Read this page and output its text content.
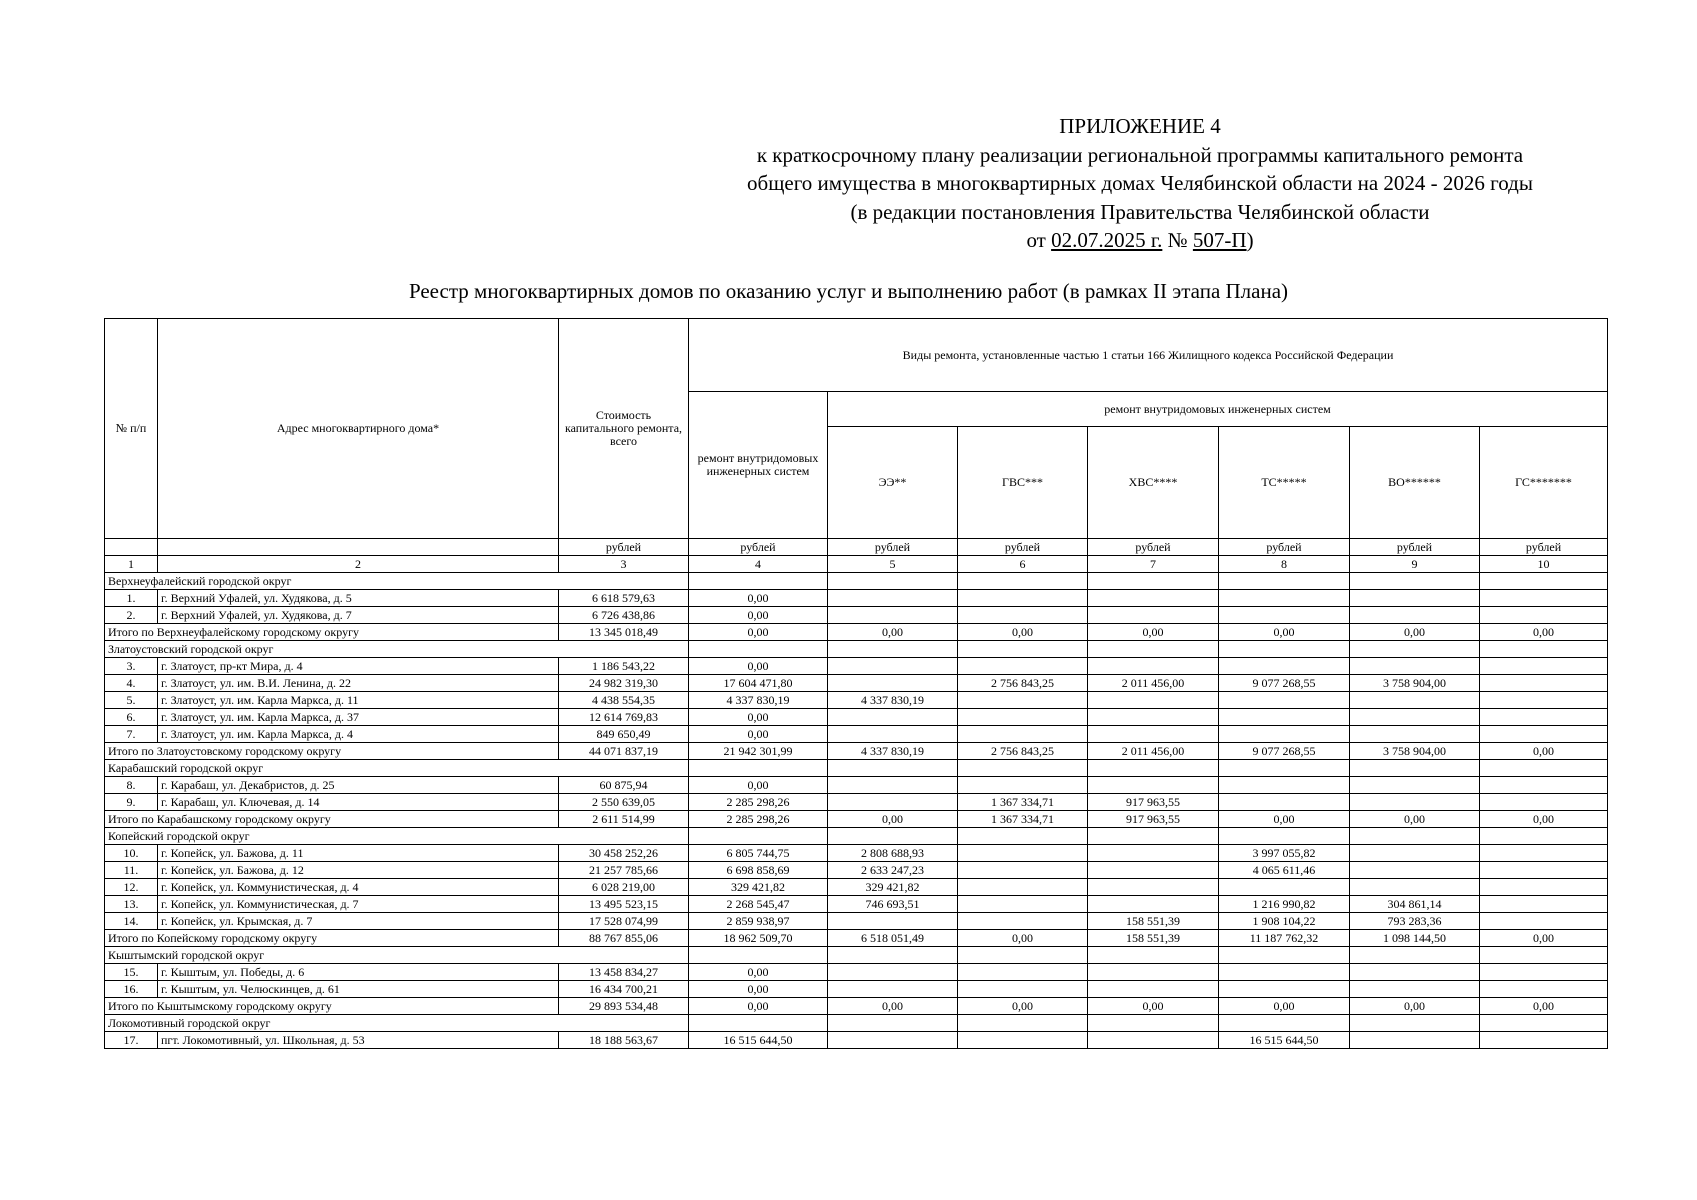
ПРИЛОЖЕНИЕ 4
к краткосрочному плану реализации региональной программы капитального ремонта
общего имущества в многоквартирных домах Челябинской области на 2024 - 2026 годы
(в редакции постановления Правительства Челябинской области
от 02.07.2025 г. № 507-П)
Реестр многоквартирных домов по оказанию услуг и выполнению работ (в рамках II этапа Плана)
№ п/п	Адрес многоквартирного дома*	Стоимость капитального ремонта, всего	Виды ремонта, установленные частью 1 статьи 166 Жилищного кодекса Российской Федерации						
			ремонт внутридомовых инженерных систем	ремонт внутридомовых инженерных систем					
				ЭЭ**	ГВС***	ХВС****	ТС*****	ВО******	ГС*******
		рублей	рублей	рублей	рублей	рублей	рублей	рублей	рублей
1	2	3	4	5	6	7	8	9	10
Верхнеуфалейский городской округ									
1.	г. Верхний Уфалей, ул. Худякова, д. 5	6 618 579,63	0,00						
2.	г. Верхний Уфалей, ул. Худякова, д. 7	6 726 438,86	0,00						
Итого по Верхнеуфалейскому городскому округу		13 345 018,49	0,00	0,00	0,00	0,00	0,00	0,00	0,00
Златоустовский городской округ									
3.	г. Златоуст, пр-кт Мира, д. 4	1 186 543,22	0,00						
4.	г. Златоуст, ул. им. В.И. Ленина, д. 22	24 982 319,30	17 604 471,80		2 756 843,25	2 011 456,00	9 077 268,55	3 758 904,00	
5.	г. Златоуст, ул. им. Карла Маркса, д. 11	4 438 554,35	4 337 830,19	4 337 830,19					
6.	г. Златоуст, ул. им. Карла Маркса, д. 37	12 614 769,83	0,00						
7.	г. Златоуст, ул. им. Карла Маркса, д. 4	849 650,49	0,00						
Итого по Златоустовскому городскому округу		44 071 837,19	21 942 301,99	4 337 830,19	2 756 843,25	2 011 456,00	9 077 268,55	3 758 904,00	0,00
Карабашский городской округ									
8.	г. Карабаш, ул. Декабристов, д. 25	60 875,94	0,00						
9.	г. Карабаш, ул. Ключевая, д. 14	2 550 639,05	2 285 298,26		1 367 334,71	917 963,55			
Итого по Карабашскому городскому округу		2 611 514,99	2 285 298,26	0,00	1 367 334,71	917 963,55	0,00	0,00	0,00
Копейский городской округ									
10.	г. Копейск, ул. Бажова, д. 11	30 458 252,26	6 805 744,75	2 808 688,93			3 997 055,82		
11.	г. Копейск, ул. Бажова, д. 12	21 257 785,66	6 698 858,69	2 633 247,23			4 065 611,46		
12.	г. Копейск, ул. Коммунистическая, д. 4	6 028 219,00	329 421,82	329 421,82					
13.	г. Копейск, ул. Коммунистическая, д. 7	13 495 523,15	2 268 545,47	746 693,51			1 216 990,82	304 861,14	
14.	г. Копейск, ул. Крымская, д. 7	17 528 074,99	2 859 938,97			158 551,39	1 908 104,22	793 283,36	
Итого по Копейскому городскому округу		88 767 855,06	18 962 509,70	6 518 051,49	0,00	158 551,39	11 187 762,32	1 098 144,50	0,00
Кыштымский городской округ									
15.	г. Кыштым, ул. Победы, д. 6	13 458 834,27	0,00						
16.	г. Кыштым, ул. Челюскинцев, д. 61	16 434 700,21	0,00						
Итого по Кыштымскому городскому округу		29 893 534,48	0,00	0,00	0,00	0,00	0,00	0,00	0,00
Локомотивный городской округ									
17.	пгт. Локомотивный, ул. Школьная, д. 53	18 188 563,67	16 515 644,50				16 515 644,50		
